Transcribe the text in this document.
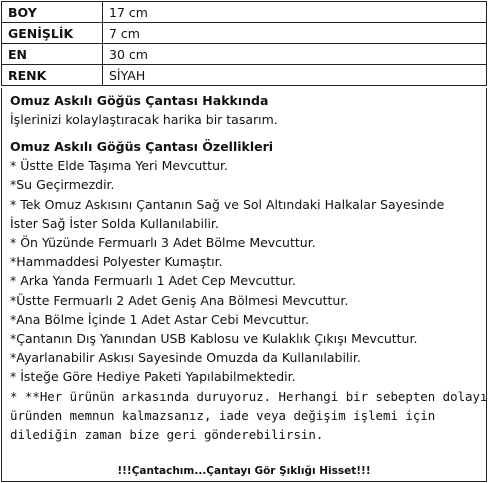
BOY	17 cm
GENİŞLİK	7 cm
EN	30 cm
RENK	SİYAH
Omuz Askılı Göğüs Çantası Hakkında
İşlerinizi kolaylaştıracak harika bir tasarım.
Omuz Askılı Göğüs Çantası Özellikleri
* Üstte Elde Taşıma Yeri Mevcuttur.
*Su Geçirmezdir.
* Tek Omuz Askısını Çantanın Sağ ve Sol Altındaki Halkalar Sayesinde
İster Sağ İster Solda Kullanılabilir.
* Ön Yüzünde Fermuarlı 3 Adet Bölme Mevcuttur.
*Hammaddesi Polyester Kumaştır.
* Arka Yanda Fermuarlı 1 Adet Cep Mevcuttur.
*Üstte Fermuarlı 2 Adet Geniş Ana Bölmesi Mevcuttur.
*Ana Bölme İçinde 1 Adet Astar Cebi Mevcuttur.
*Çantanın Dış Yanından USB Kablosu ve Kulaklık Çıkışı Mevcuttur.
*Ayarlanabilir Askısı Sayesinde Omuzda da Kullanılabilir.
* İsteğe Göre Hediye Paketi Yapılabilmektedir.
* **Her ürünün arkasında duruyoruz. Herhangi bir sebepten dolayı
üründen memnun kalmazsanız, iade veya değişim işlemi için
dilediğin zaman bize geri gönderebilirsin.
!!!Çantachım...Çantayı Gör Şıklığı Hisset!!!
